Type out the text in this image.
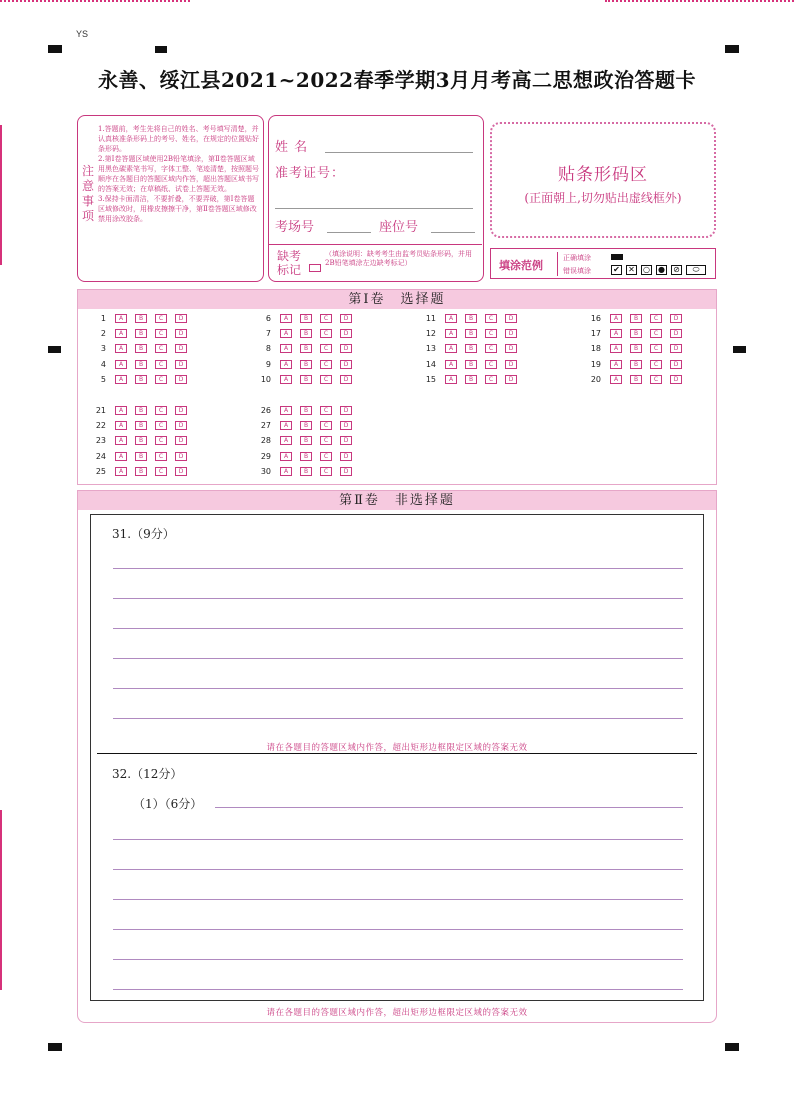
YS
永善、绥江县2021~2022春季学期3月月考高二思想政治答题卡
注意事项

1.答题前，考生先将自己的姓名、考号填写清楚，并认真核准条形码上的考号、姓名，在规定的位置贴好条形码。

2.第Ⅰ卷答题区域使用2B铅笔填涂，第Ⅱ卷答题区域用黑色碳素笔书写，字体工整、笔迹清楚，按照题号顺序在各题目的答题区域内作答，超出答题区域书写的答案无效；在草稿纸、试卷上答题无效。

3.保持卡面清洁，不要折叠，不要弄破，第Ⅰ卷答题区域修改时，用橡皮擦擦干净，第Ⅱ卷答题区域修改禁用涂改胶条。

姓 名
准考证号：
考场号	座位号
缺考标记
（填涂说明：缺考考生由监考员贴条形码，并用2B铅笔填涂左边缺考标记）
贴条形码区
(正面朝上,切勿贴出虚线框外)
填涂范例
正确填涂
错误填涂	✔ ✕ ○ ● ⊘	⬭
第Ⅰ卷　选择题
1	A	B	C	D
2	A	B	C	D
3	A	B	C	D
4	A	B	C	D
5	A	B	C	D
6	A	B	C	D
7	A	B	C	D
8	A	B	C	D
9	A	B	C	D
10	A	B	C	D
11	A	B	C	D
12	A	B	C	D
13	A	B	C	D
14	A	B	C	D
15	A	B	C	D
16	A	B	C	D
17	A	B	C	D
18	A	B	C	D
19	A	B	C	D
20	A	B	C	D
21	A	B	C	D
22	A	B	C	D
23	A	B	C	D
24	A	B	C	D
25	A	B	C	D
26	A	B	C	D
27	A	B	C	D
28	A	B	C	D
29	A	B	C	D
30	A	B	C	D
第Ⅱ卷　非选择题
31.（9分）
请在各题目的答题区域内作答，超出矩形边框限定区域的答案无效
32.（12分）
（1）（6分）
请在各题目的答题区域内作答，超出矩形边框限定区域的答案无效
